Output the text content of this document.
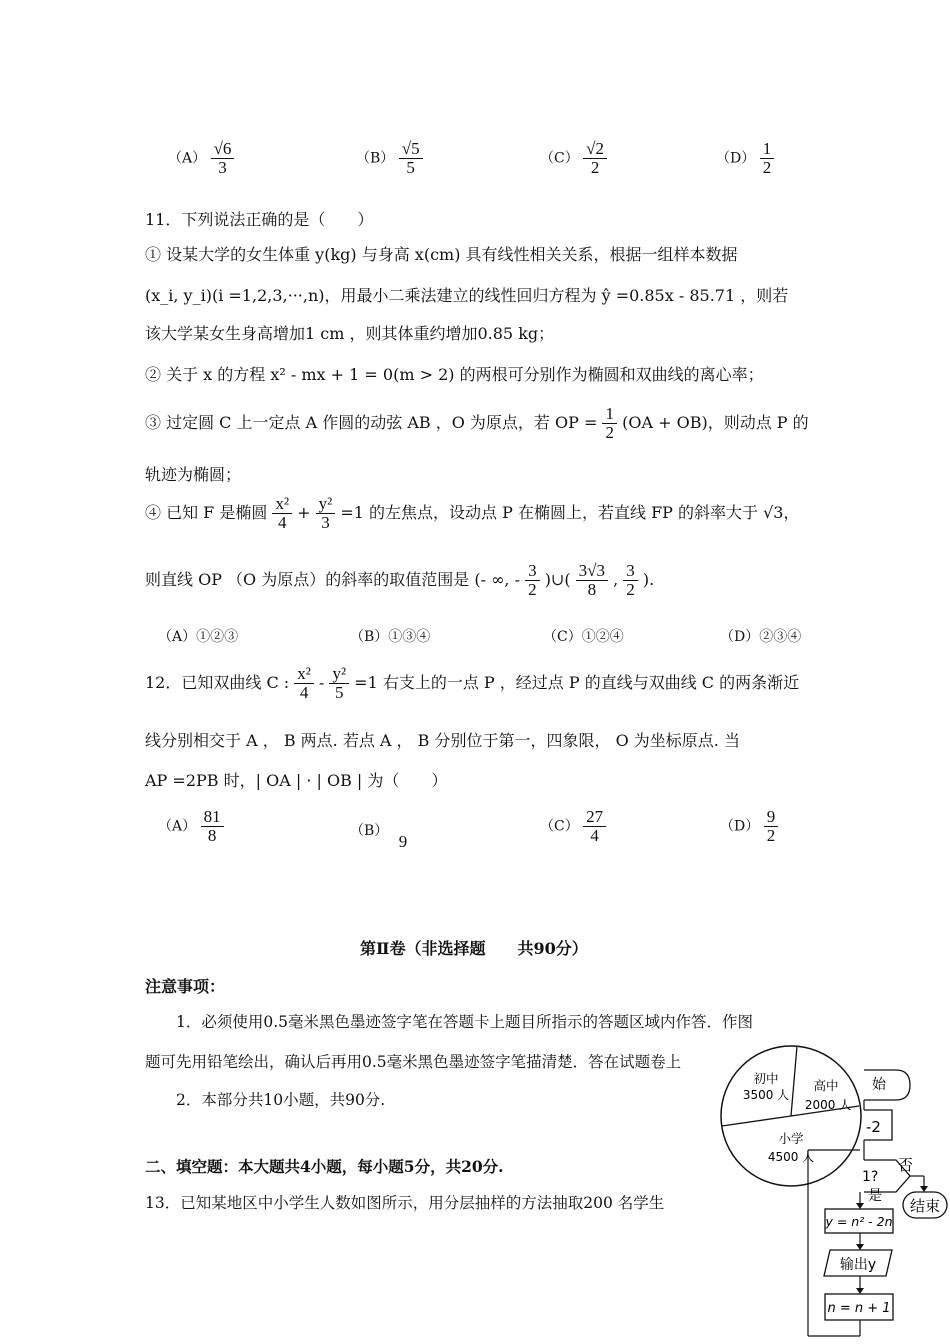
$(A) \frac{√6}{3}$	$(B) \frac{√5}{5}$	$(C) \frac{√2}{2}$	$(D) \frac{1}{2}$
11．下列说法正确的是（　　）
① 设某大学的女生体重 y(kg) 与身高 x(cm) 具有线性相关关系，根据一组样本数据
(x_i, y_i)(i =1,2,3,···,n)，用最小二乘法建立的线性回归方程为 ŷ =0.85x - 85.71 ，则若
该大学某女生身高增加1 cm ，则其体重约增加0.85 kg；
② 关于 x 的方程 x² - mx + 1 = 0(m > 2) 的两根可分别作为椭圆和双曲线的离心率；
③ 过定圆 C 上一定点 A 作圆的动弦 AB ，O 为原点，若 OP = $\frac{1}{2} (OA + OB)$，则动点 P 的
轨迹为椭圆；
④ 已知 F 是椭圆 $\frac{\text{x²}}{4} + \frac{\text{y²}}{3} =1$ 的左焦点，设动点 P 在椭圆上，若直线 FP 的斜率大于 √3，
则直线 OP （O 为原点）的斜率的取值范围是 (- ∞, - $\frac{3}{2}$ )∪( $\frac{3√3}{8}$ , $\frac{3}{2}$ ).
（A）①②③	（B）①③④	（C）①②④	（D）②③④
12．已知双曲线 C : $\frac{\text{x²}}{4} - \frac{\text{y²}}{5} =1$ 右支上的一点 P ，经过点 P 的直线与双曲线 C 的两条渐近
线分别相交于 A ， B 两点. 若点 A ， B 分别位于第一，四象限， O 为坐标原点. 当
AP =2PB 时，| OA | · | OB | 为（　　）
$(A) \frac{81}{8}$	（B） 9
$(C) \frac{27}{4}$	$(D) \frac{9}{2}$
第Ⅱ卷（非选择题　　共90分）
注意事项：
1．必须使用0.5毫米黑色墨迹签字笔在答题卡上题目所指示的答题区域内作答．作图
题可先用铅笔绘出，确认后再用0.5毫米黑色墨迹签字笔描清楚．答在试题卷上
2．本部分共10小题，共90分.
二、填空题：本大题共4小题，每小题5分，共20分.
13．已知某地区中小学生人数如图所示，用分层抽样的方法抽取200 名学生
初中
3500 人
高中
2000 人
小学
4500 人
始
-2
1?
否
结束
是
y = n² - 2n
输出y
n = n + 1
